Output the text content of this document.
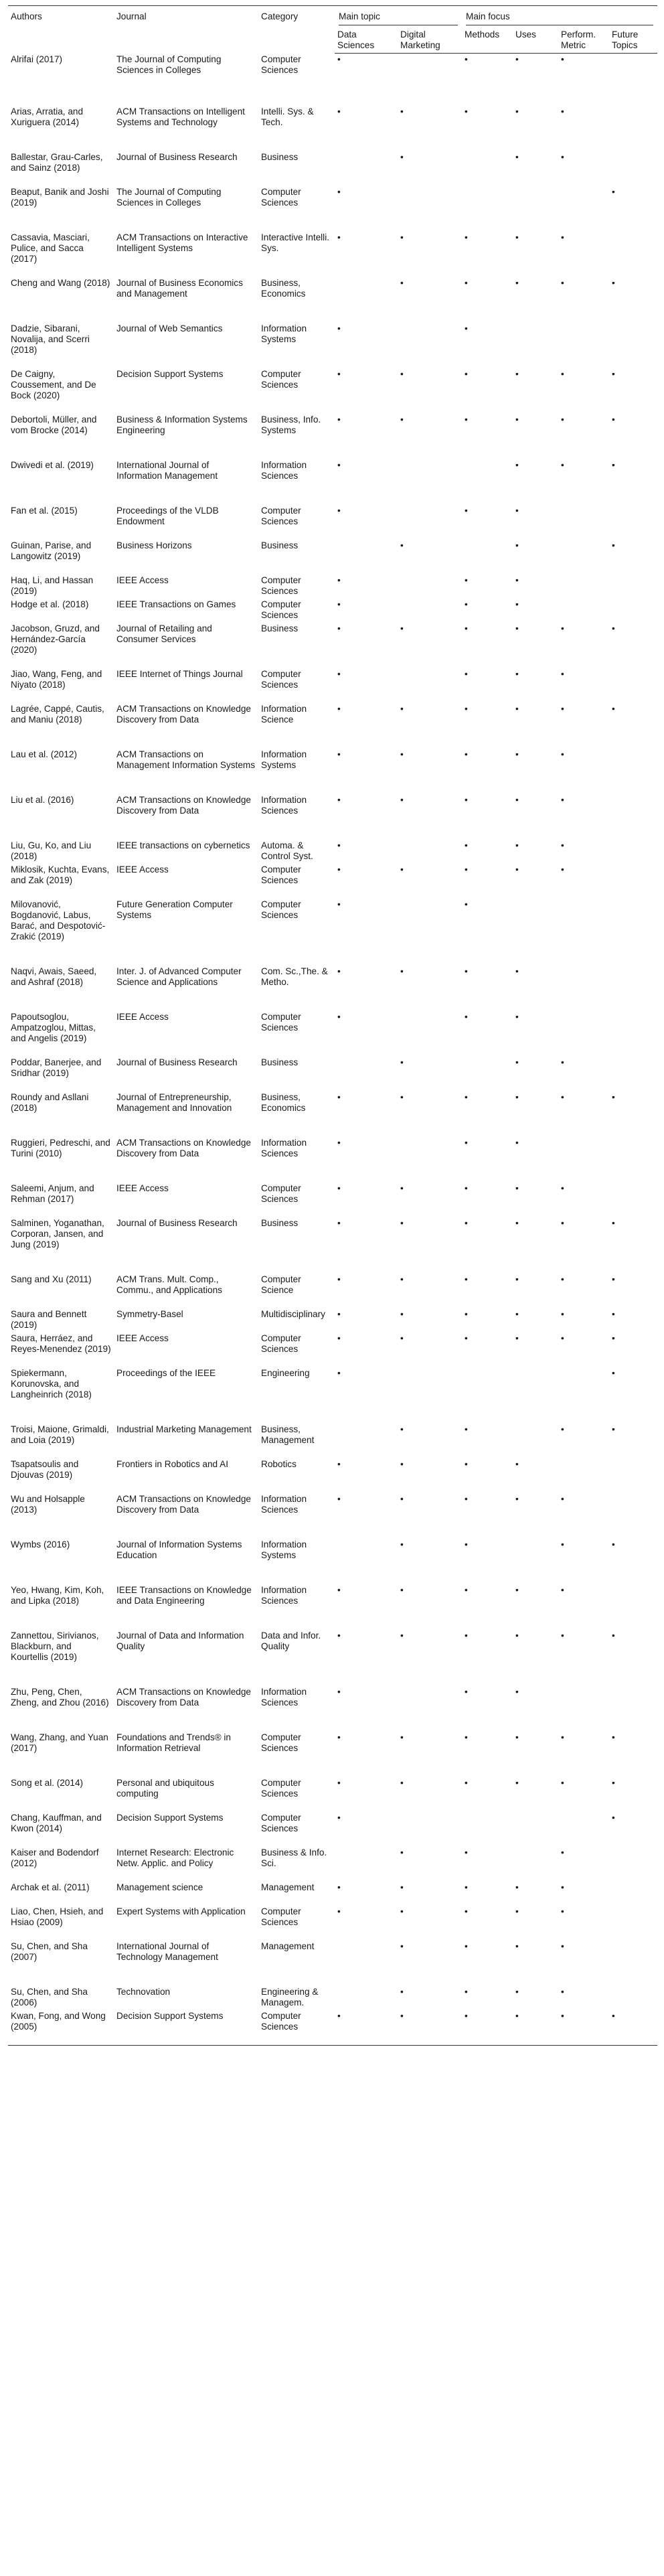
Authors	Journal	Category	Main topic		Main focus			

			Data Sciences	Digital Marketing	Methods	Uses	Perform. Metric	Future Topics
Alrifai (2017)	The Journal of Computing Sciences in Colleges	Computer Sciences	•		•	•	•	
Arias, Arratia, and Xuriguera (2014)	ACM Transactions on Intelligent Systems and Technology	Intelli. Sys. & Tech.	•	•	•	•	•	
Ballestar, Grau-Carles, and Sainz (2018)	Journal of Business Research	Business		•		•	•	
Beaput, Banik and Joshi (2019)	The Journal of Computing Sciences in Colleges	Computer Sciences	•					•
Cassavia, Masciari, Pulice, and Sacca (2017)	ACM Transactions on Interactive Intelligent Systems	Interactive Intelli. Sys.	•	•	•	•	•	
Cheng and Wang (2018)	Journal of Business Economics and Management	Business, Economics		•	•	•	•	•
Dadzie, Sibarani, Novalija, and Scerri (2018)	Journal of Web Semantics	Information Systems	•		•			
De Caigny, Coussement, and De Bock (2020)	Decision Support Systems	Computer Sciences	•	•	•	•	•	•
Debortoli, Müller, and vom Brocke (2014)	Business & Information Systems Engineering	Business, Info. Systems	•	•	•	•	•	•
Dwivedi et al. (2019)	International Journal of Information Management	Information Sciences	•			•	•	•
Fan et al. (2015)	Proceedings of the VLDB Endowment	Computer Sciences	•		•	•		
Guinan, Parise, and Langowitz (2019)	Business Horizons	Business		•		•		•
Haq, Li, and Hassan (2019)	IEEE Access	Computer Sciences	•		•	•		
Hodge et al. (2018)	IEEE Transactions on Games	Computer Sciences	•		•	•		
Jacobson, Gruzd, and Hernández-García (2020)	Journal of Retailing and Consumer Services	Business	•	•	•	•	•	•
Jiao, Wang, Feng, and Niyato (2018)	IEEE Internet of Things Journal	Computer Sciences	•		•	•	•	
Lagrée, Cappé, Cautis, and Maniu (2018)	ACM Transactions on Knowledge Discovery from Data	Information Science	•	•	•	•	•	•
Lau et al. (2012)	ACM Transactions on Management Information Systems	Information Systems	•	•	•	•	•	
Liu et al. (2016)	ACM Transactions on Knowledge Discovery from Data	Information Sciences	•	•	•	•	•	
Liu, Gu, Ko, and Liu (2018)	IEEE transactions on cybernetics	Automa. & Control Syst.	•		•	•	•	
Miklosik, Kuchta, Evans, and Zak (2019)	IEEE Access	Computer Sciences	•	•	•	•	•	
Milovanović, Bogdanović, Labus, Barać, and Despotović-Zrakić (2019)	Future Generation Computer Systems	Computer Sciences	•		•			
Naqvi, Awais, Saeed, and Ashraf (2018)	Inter. J. of Advanced Computer Science and Applications	Com. Sc.,The. & Metho.	•	•	•	•		
Papoutsoglou, Ampatzoglou, Mittas, and Angelis (2019)	IEEE Access	Computer Sciences	•		•	•		
Poddar, Banerjee, and Sridhar (2019)	Journal of Business Research	Business		•		•	•	
Roundy and Asllani (2018)	Journal of Entrepreneurship, Management and Innovation	Business, Economics	•	•	•	•	•	•
Ruggieri, Pedreschi, and Turini (2010)	ACM Transactions on Knowledge Discovery from Data	Information Sciences	•		•	•		
Saleemi, Anjum, and Rehman (2017)	IEEE Access	Computer Sciences	•	•	•	•	•	
Salminen, Yoganathan, Corporan, Jansen, and Jung (2019)	Journal of Business Research	Business	•	•	•	•	•	•
Sang and Xu (2011)	ACM Trans. Mult. Comp., Commu., and Applications	Computer Science	•	•	•	•	•	•
Saura and Bennett (2019)	Symmetry-Basel	Multidisciplinary	•	•	•	•	•	•
Saura, Herráez, and Reyes-Menendez (2019)	IEEE Access	Computer Sciences	•	•	•	•	•	•
Spiekermann, Korunovska, and Langheinrich (2018)	Proceedings of the IEEE	Engineering	•					•
Troisi, Maione, Grimaldi, and Loia (2019)	Industrial Marketing Management	Business, Management		•	•		•	•
Tsapatsoulis and Djouvas (2019)	Frontiers in Robotics and AI	Robotics	•	•	•	•		
Wu and Holsapple (2013)	ACM Transactions on Knowledge Discovery from Data	Information Sciences	•	•	•	•	•	
Wymbs (2016)	Journal of Information Systems Education	Information Systems		•	•		•	•
Yeo, Hwang, Kim, Koh, and Lipka (2018)	IEEE Transactions on Knowledge and Data Engineering	Information Sciences	•	•	•	•	•	
Zannettou, Sirivianos, Blackburn, and Kourtellis (2019)	Journal of Data and Information Quality	Data and Infor. Quality	•	•	•	•	•	•
Zhu, Peng, Chen, Zheng, and Zhou (2016)	ACM Transactions on Knowledge Discovery from Data	Information Sciences	•		•	•		
Wang, Zhang, and Yuan (2017)	Foundations and Trends® in Information Retrieval	Computer Sciences	•	•	•	•	•	•
Song et al. (2014)	Personal and ubiquitous computing	Computer Sciences	•	•	•	•	•	•
Chang, Kauffman, and Kwon (2014)	Decision Support Systems	Computer Sciences	•					•
Kaiser and Bodendorf (2012)	Internet Research: Electronic Netw. Applic. and Policy	Business & Info. Sci.		•	•		•	
Archak et al. (2011)	Management science	Management	•	•	•	•	•	
Liao, Chen, Hsieh, and Hsiao (2009)	Expert Systems with Application	Computer Sciences	•	•	•	•	•	
Su, Chen, and Sha (2007)	International Journal of Technology Management	Management		•	•	•	•	
Su, Chen, and Sha (2006)	Technovation	Engineering & Managem.		•	•	•	•	
Kwan, Fong, and Wong (2005)	Decision Support Systems	Computer Sciences	•	•	•	•	•	•
